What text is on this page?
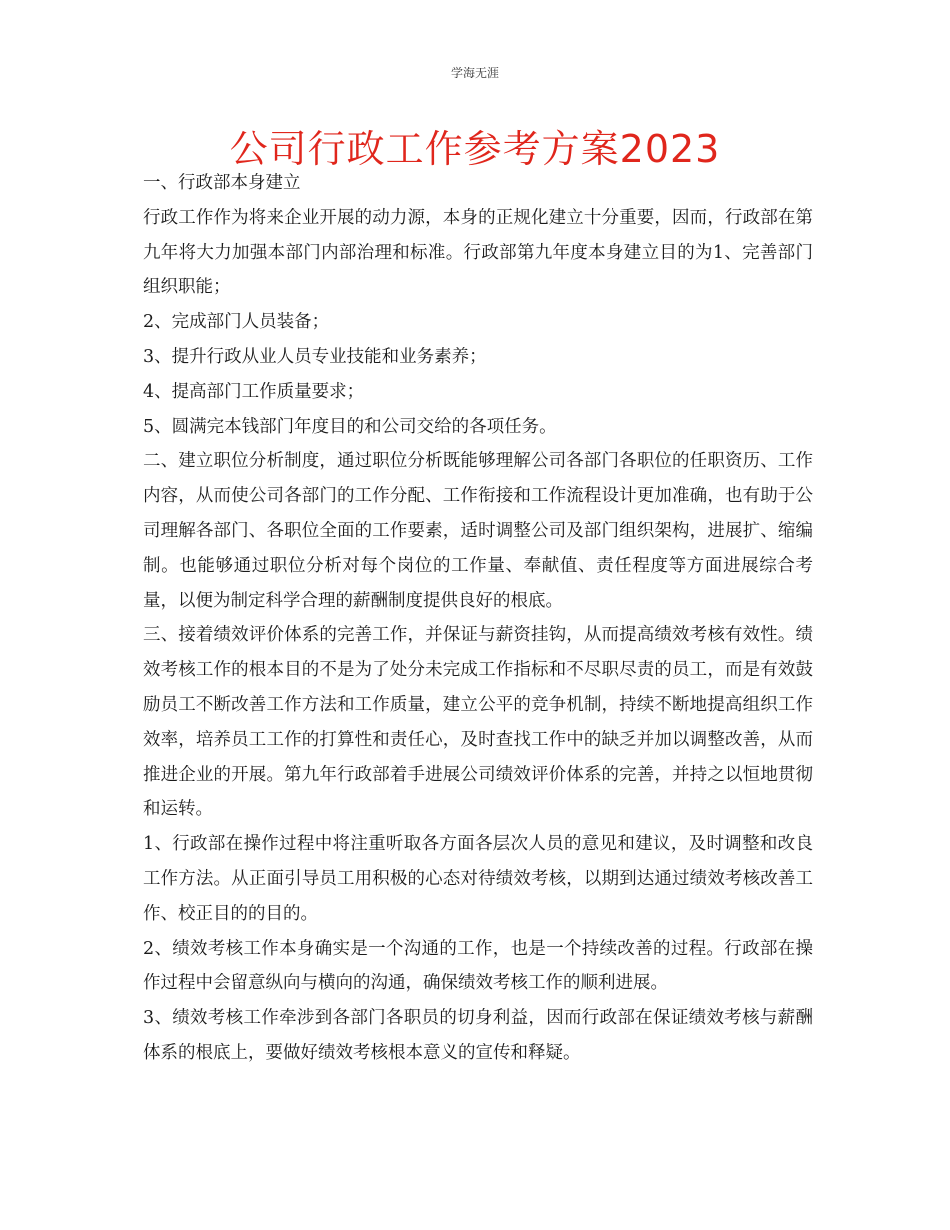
学海无涯
公司行政工作参考方案2023

一、行政部本身建立

行政工作作为将来企业开展的动力源，本身的正规化建立十分重要，因而，行政部在第九年将大力加强本部门内部治理和标准。行政部第九年度本身建立目的为1、完善部门组织职能；

2、完成部门人员装备；

3、提升行政从业人员专业技能和业务素养；

4、提高部门工作质量要求；

5、圆满完本钱部门年度目的和公司交给的各项任务。

二、建立职位分析制度，通过职位分析既能够理解公司各部门各职位的任职资历、工作内容，从而使公司各部门的工作分配、工作衔接和工作流程设计更加准确，也有助于公司理解各部门、各职位全面的工作要素，适时调整公司及部门组织架构，进展扩、缩编制。也能够通过职位分析对每个岗位的工作量、奉献值、责任程度等方面进展综合考量，以便为制定科学合理的薪酬制度提供良好的根底。

三、接着绩效评价体系的完善工作，并保证与薪资挂钩，从而提高绩效考核有效性。绩效考核工作的根本目的不是为了处分未完成工作指标和不尽职尽责的员工，而是有效鼓励员工不断改善工作方法和工作质量，建立公平的竞争机制，持续不断地提高组织工作效率，培养员工工作的打算性和责任心，及时查找工作中的缺乏并加以调整改善，从而推进企业的开展。第九年行政部着手进展公司绩效评价体系的完善，并持之以恒地贯彻和运转。

1、行政部在操作过程中将注重听取各方面各层次人员的意见和建议，及时调整和改良工作方法。从正面引导员工用积极的心态对待绩效考核，以期到达通过绩效考核改善工作、校正目的的目的。

2、绩效考核工作本身确实是一个沟通的工作，也是一个持续改善的过程。行政部在操作过程中会留意纵向与横向的沟通，确保绩效考核工作的顺利进展。

3、绩效考核工作牵涉到各部门各职员的切身利益，因而行政部在保证绩效考核与薪酬体系的根底上，要做好绩效考核根本意义的宣传和释疑。
